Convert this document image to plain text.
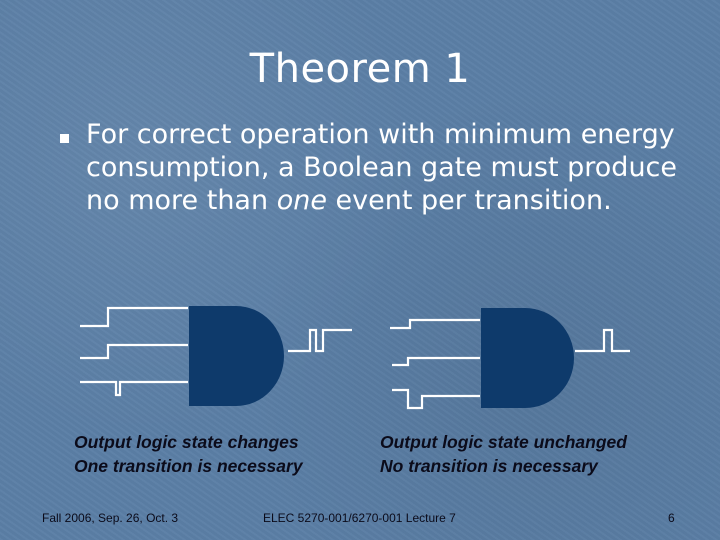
Theorem 1
For correct operation with minimum energy consumption, a Boolean gate must produce no more than one event per transition.
Output logic state changes
One transition is necessary
Output logic state unchanged
No transition is necessary
Fall 2006, Sep. 26, Oct. 3	ELEC 5270-001/6270-001 Lecture 7	6
